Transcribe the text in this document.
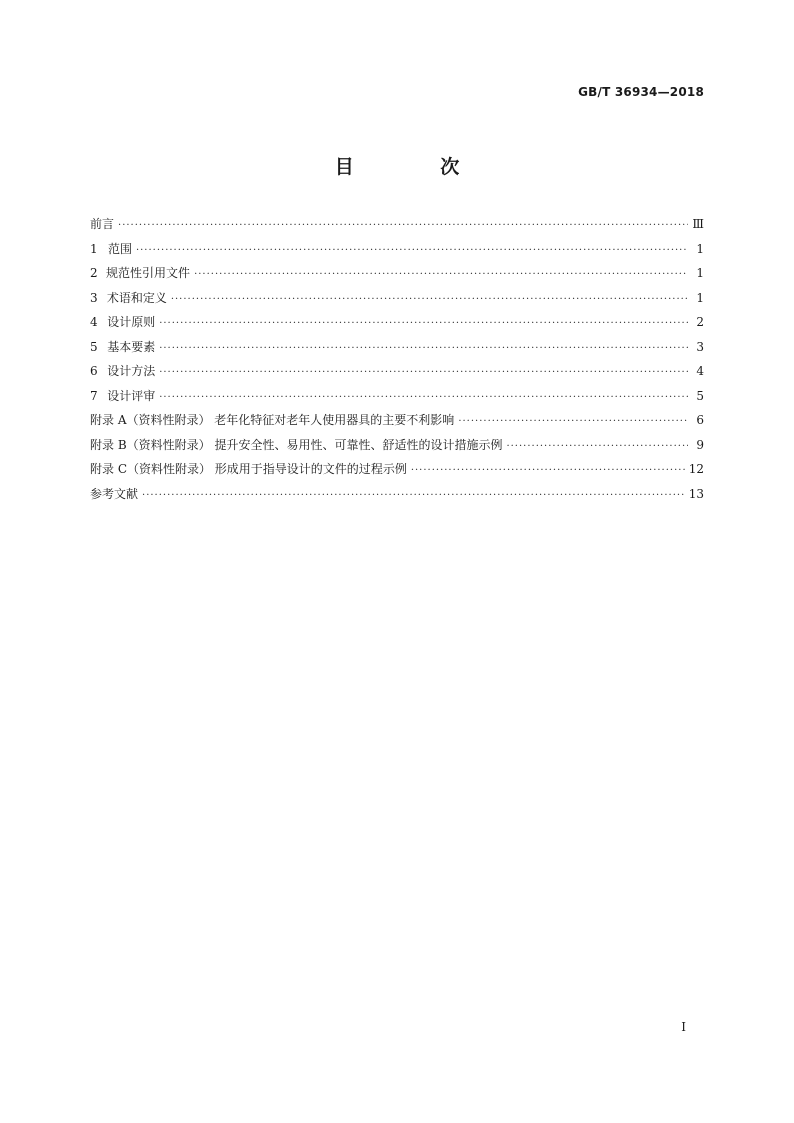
GB/T 36934—2018
目 次
前言 ·····	Ⅲ
1 范围 ·····	1
2 规范性引用文件 ·····	1
3 术语和定义 ·····	1
4 设计原则 ·····	2
5 基本要素 ·····	3
6 设计方法 ·····	4
7 设计评审 ·····	5
附录 A（资料性附录） 老年化特征对老年人使用器具的主要不利影响 ·····	6
附录 B（资料性附录） 提升安全性、易用性、可靠性、舒适性的设计措施示例 ·····	9
附录 C（资料性附录） 形成用于指导设计的文件的过程示例 ·····	12
参考文献 ·····	13
I
